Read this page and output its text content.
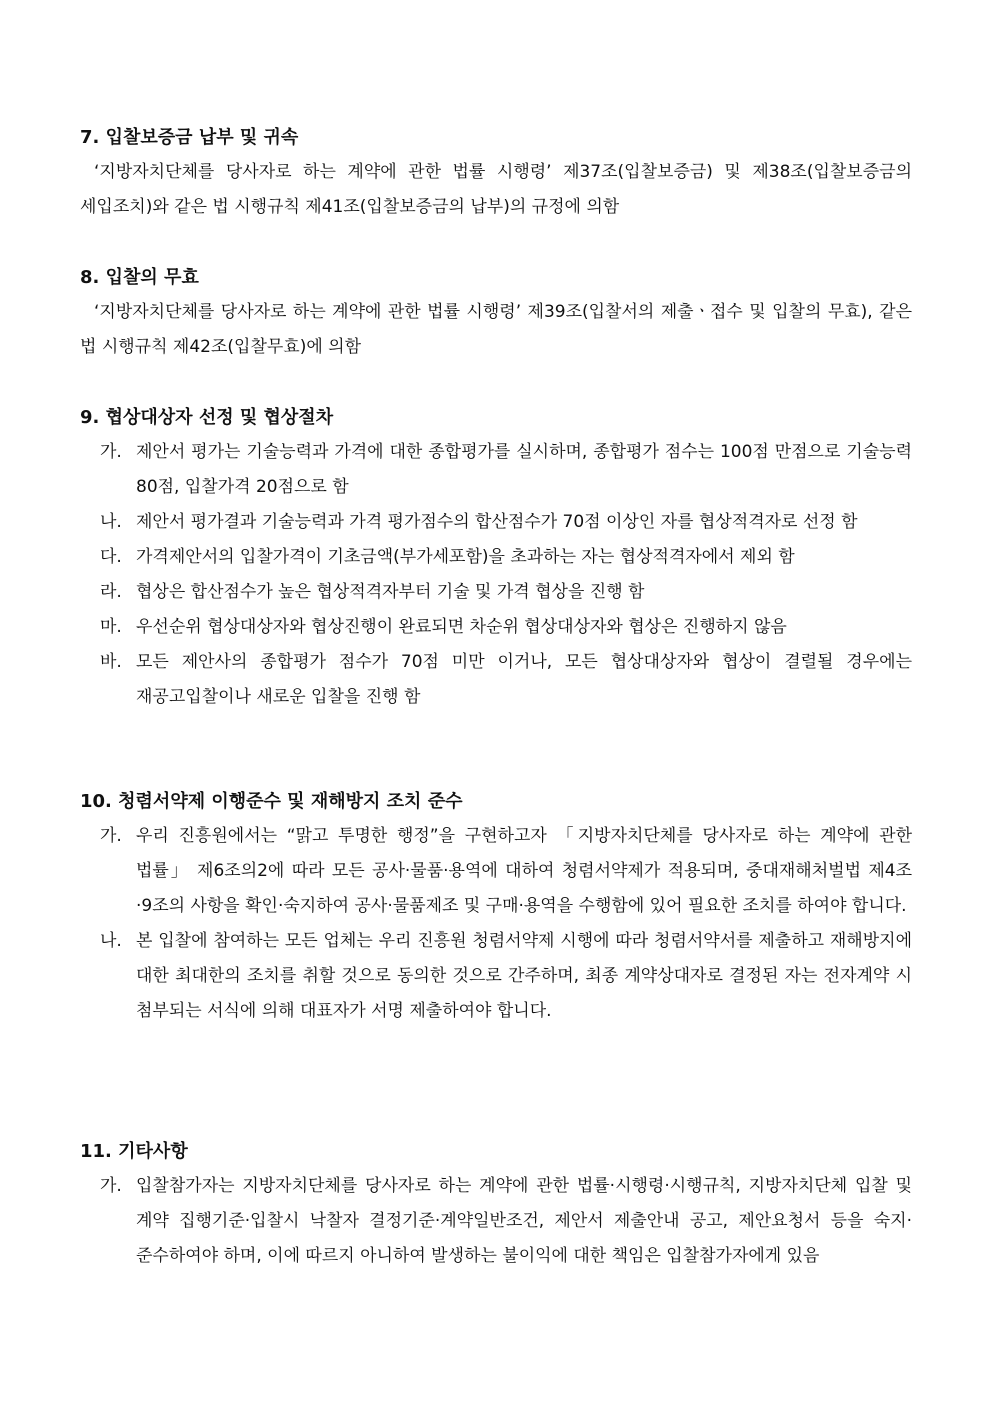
7. 입찰보증금 납부 및 귀속
‘지방자치단체를 당사자로 하는 계약에 관한 법률 시행령’ 제37조(입찰보증금) 및 제38조(입찰보증금의 세입조치)와 같은 법 시행규칙 제41조(입찰보증금의 납부)의 규정에 의함
8. 입찰의 무효
‘지방자치단체를 당사자로 하는 계약에 관한 법률 시행령’ 제39조(입찰서의 제출ㆍ접수 및 입찰의 무효), 같은 법 시행규칙 제42조(입찰무효)에 의함
9. 협상대상자 선정 및 협상절차
가. 제안서 평가는 기술능력과 가격에 대한 종합평가를 실시하며, 종합평가 점수는 100점 만점으로 기술능력 80점, 입찰가격 20점으로 함
나. 제안서 평가결과 기술능력과 가격 평가점수의 합산점수가 70점 이상인 자를 협상적격자로 선정 함
다. 가격제안서의 입찰가격이 기초금액(부가세포함)을 초과하는 자는 협상적격자에서 제외 함
라. 협상은 합산점수가 높은 협상적격자부터 기술 및 가격 협상을 진행 함
마. 우선순위 협상대상자와 협상진행이 완료되면 차순위 협상대상자와 협상은 진행하지 않음
바. 모든 제안사의 종합평가 점수가 70점 미만 이거나, 모든 협상대상자와 협상이 결렬될 경우에는 재공고입찰이나 새로운 입찰을 진행 함
10. 청렴서약제 이행준수 및 재해방지 조치 준수
가. 우리 진흥원에서는 “맑고 투명한 행정”을 구현하고자 「지방자치단체를 당사자로 하는 계약에 관한 법률」 제6조의2에 따라 모든 공사·물품·용역에 대하여 청렴서약제가 적용되며, 중대재해처벌법 제4조·9조의 사항을 확인·숙지하여 공사·물품제조 및 구매·용역을 수행함에 있어 필요한 조치를 하여야 합니다.
나. 본 입찰에 참여하는 모든 업체는 우리 진흥원 청렴서약제 시행에 따라 청렴서약서를 제출하고 재해방지에 대한 최대한의 조치를 취할 것으로 동의한 것으로 간주하며, 최종 계약상대자로 결정된 자는 전자계약 시 첨부되는 서식에 의해 대표자가 서명 제출하여야 합니다.
11. 기타사항
가. 입찰참가자는 지방자치단체를 당사자로 하는 계약에 관한 법률·시행령·시행규칙, 지방자치단체 입찰 및 계약 집행기준·입찰시 낙찰자 결정기준·계약일반조건, 제안서 제출안내 공고, 제안요청서 등을 숙지·준수하여야 하며, 이에 따르지 아니하여 발생하는 불이익에 대한 책임은 입찰참가자에게 있음
